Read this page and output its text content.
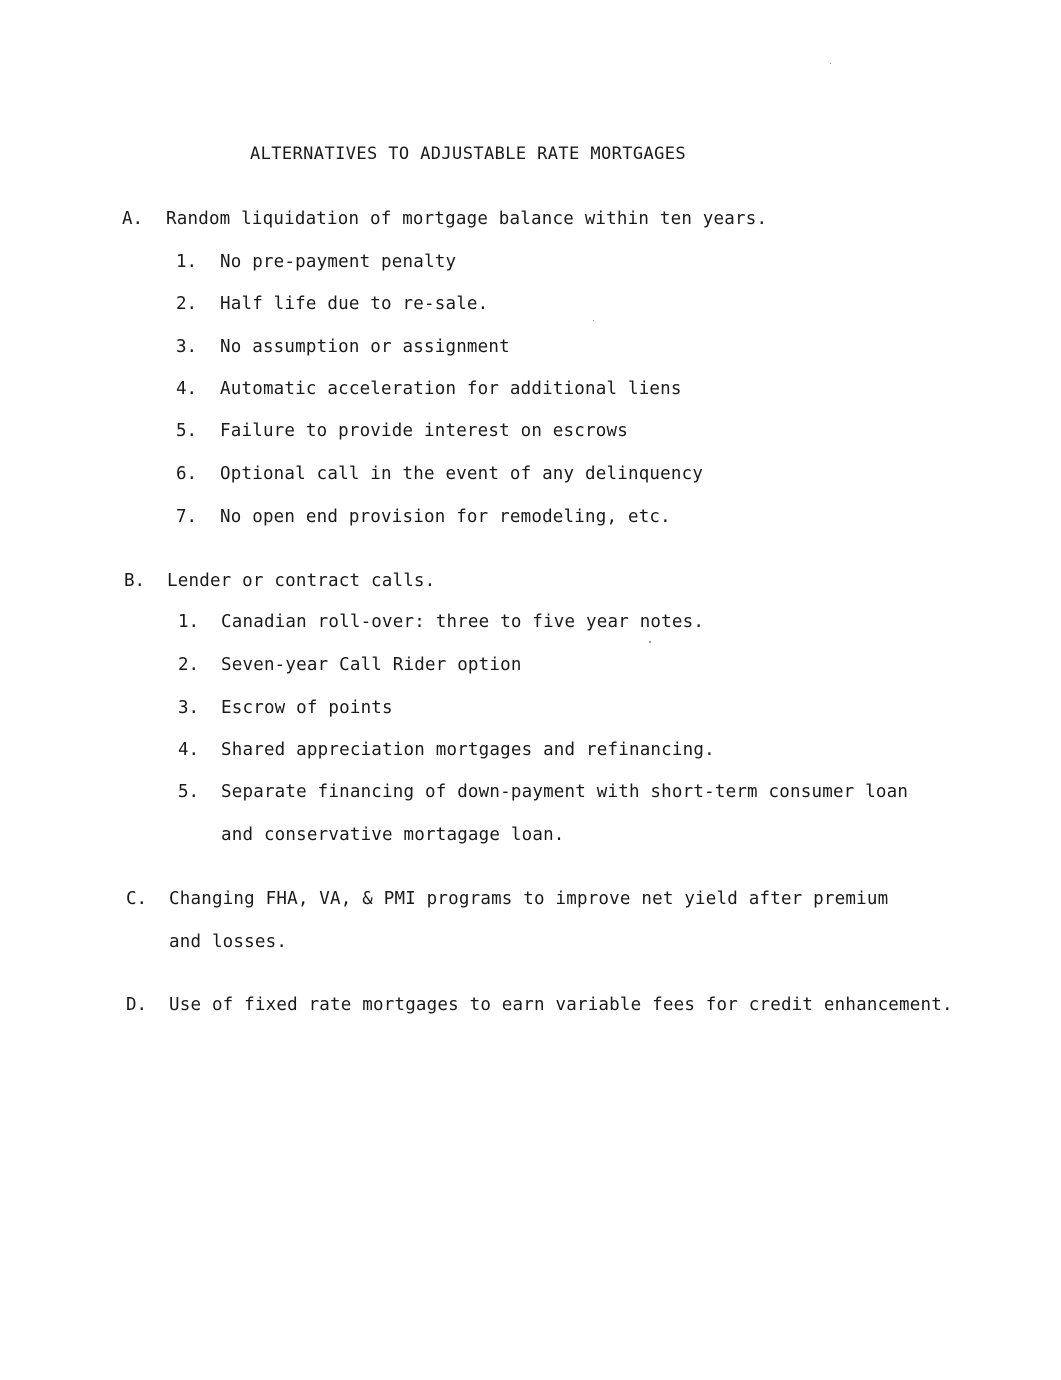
ALTERNATIVES TO ADJUSTABLE RATE MORTGAGES
A. Random liquidation of mortgage balance within ten years.
1. No pre-payment penalty
2. Half life due to re-sale.
3. No assumption or assignment
4. Automatic acceleration for additional liens
5. Failure to provide interest on escrows
6. Optional call in the event of any delinquency
7. No open end provision for remodeling, etc.
B. Lender or contract calls.
1. Canadian roll-over: three to five year notes.
2. Seven-year Call Rider option
3. Escrow of points
4. Shared appreciation mortgages and refinancing.
5. Separate financing of down-payment with short-term consumer loan
and conservative mortagage loan.
C. Changing FHA, VA, & PMI programs to improve net yield after premium
and losses.
D. Use of fixed rate mortgages to earn variable fees for credit enhancement.
